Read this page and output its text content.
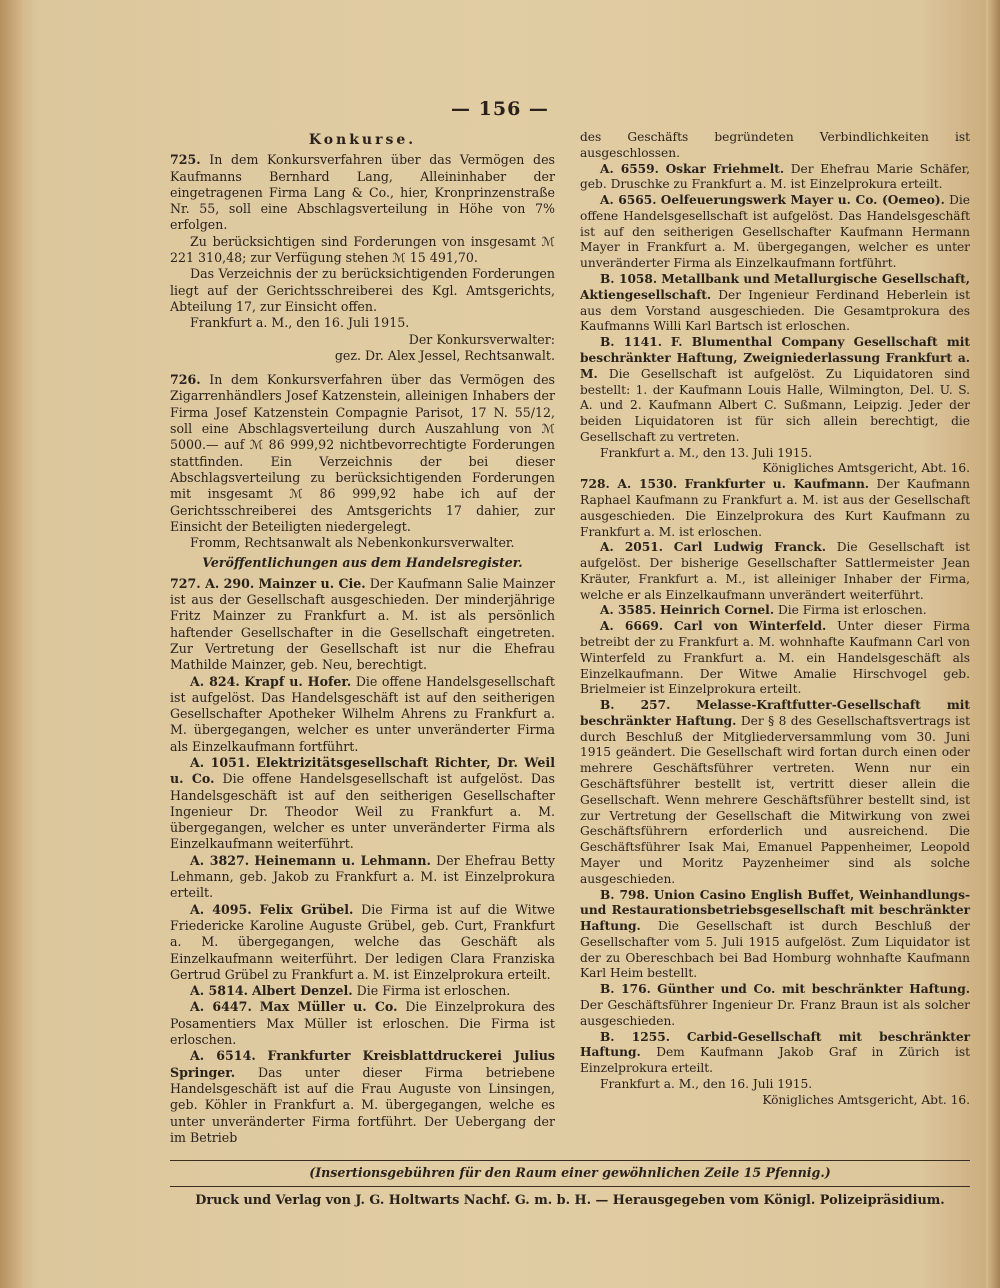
— 156 —
Konkurse.

725. In dem Konkursverfahren über das Vermögen des Kaufmanns Bernhard Lang, Alleininhaber der eingetragenen Firma Lang & Co., hier, Kronprinzenstraße Nr. 55, soll eine Abschlagsverteilung in Höhe von 7% erfolgen.

Zu berücksichtigen sind Forderungen von insgesamt ℳ 221 310,48; zur Verfügung stehen ℳ 15 491,70.

Das Verzeichnis der zu berücksichtigenden Forderungen liegt auf der Gerichtsschreiberei des Kgl. Amtsgerichts, Abteilung 17, zur Einsicht offen.

Frankfurt a. M., den 16. Juli 1915.

Der Konkursverwalter:

gez. Dr. Alex Jessel, Rechtsanwalt.

726. In dem Konkursverfahren über das Vermögen des Zigarrenhändlers Josef Katzenstein, alleinigen Inhabers der Firma Josef Katzenstein Compagnie Parisot, 17 N. 55/12, soll eine Abschlagsverteilung durch Auszahlung von ℳ 5000.— auf ℳ 86 999,92 nichtbevorrechtigte Forderungen stattfinden. Ein Verzeichnis der bei dieser Abschlagsverteilung zu berücksichtigenden Forderungen mit insgesamt ℳ 86 999,92 habe ich auf der Gerichtsschreiberei des Amtsgerichts 17 dahier, zur Einsicht der Beteiligten niedergelegt.

Fromm, Rechtsanwalt als Nebenkonkursverwalter.

Veröffentlichungen aus dem Handelsregister.

727. A. 290. Mainzer u. Cie. Der Kaufmann Salie Mainzer ist aus der Gesellschaft ausgeschieden. Der minderjährige Fritz Mainzer zu Frankfurt a. M. ist als persönlich haftender Gesellschafter in die Gesellschaft eingetreten. Zur Vertretung der Gesellschaft ist nur die Ehefrau Mathilde Mainzer, geb. Neu, berechtigt.

A. 824. Krapf u. Hofer. Die offene Handelsgesellschaft ist aufgelöst. Das Handelsgeschäft ist auf den seitherigen Gesellschafter Apotheker Wilhelm Ahrens zu Frankfurt a. M. übergegangen, welcher es unter unveränderter Firma als Einzelkaufmann fortführt.

A. 1051. Elektrizitätsgesellschaft Richter, Dr. Weil u. Co. Die offene Handelsgesellschaft ist aufgelöst. Das Handelsgeschäft ist auf den seitherigen Gesellschafter Ingenieur Dr. Theodor Weil zu Frankfurt a. M. übergegangen, welcher es unter unveränderter Firma als Einzelkaufmann weiterführt.

A. 3827. Heinemann u. Lehmann. Der Ehefrau Betty Lehmann, geb. Jakob zu Frankfurt a. M. ist Einzelprokura erteilt.

A. 4095. Felix Grübel. Die Firma ist auf die Witwe Friedericke Karoline Auguste Grübel, geb. Curt, Frankfurt a. M. übergegangen, welche das Geschäft als Einzelkaufmann weiterführt. Der ledigen Clara Franziska Gertrud Grübel zu Frankfurt a. M. ist Einzelprokura erteilt.

A. 5814. Albert Denzel. Die Firma ist erloschen.

A. 6447. Max Müller u. Co. Die Einzelprokura des Posamentiers Max Müller ist erloschen. Die Firma ist erloschen.

A. 6514. Frankfurter Kreisblattdruckerei Julius Springer. Das unter dieser Firma betriebene Handelsgeschäft ist auf die Frau Auguste von Linsingen, geb. Köhler in Frankfurt a. M. übergegangen, welche es unter unveränderter Firma fortführt. Der Uebergang der im Betrieb

des Geschäfts begründeten Verbindlichkeiten ist ausgeschlossen.

A. 6559. Oskar Friehmelt. Der Ehefrau Marie Schäfer, geb. Druschke zu Frankfurt a. M. ist Einzelprokura erteilt.

A. 6565. Oelfeuerungswerk Mayer u. Co. (Oemeo). Die offene Handelsgesellschaft ist aufgelöst. Das Handelsgeschäft ist auf den seitherigen Gesellschafter Kaufmann Hermann Mayer in Frankfurt a. M. übergegangen, welcher es unter unveränderter Firma als Einzelkaufmann fortführt.

B. 1058. Metallbank und Metallurgische Gesellschaft, Aktiengesellschaft. Der Ingenieur Ferdinand Heberlein ist aus dem Vorstand ausgeschieden. Die Gesamtprokura des Kaufmanns Willi Karl Bartsch ist erloschen.

B. 1141. F. Blumenthal Company Gesellschaft mit beschränkter Haftung, Zweigniederlassung Frankfurt a. M. Die Gesellschaft ist aufgelöst. Zu Liquidatoren sind bestellt: 1. der Kaufmann Louis Halle, Wilmington, Del. U. S. A. und 2. Kaufmann Albert C. Sußmann, Leipzig. Jeder der beiden Liquidatoren ist für sich allein berechtigt, die Gesellschaft zu vertreten.

Frankfurt a. M., den 13. Juli 1915.

Königliches Amtsgericht, Abt. 16.

728. A. 1530. Frankfurter u. Kaufmann. Der Kaufmann Raphael Kaufmann zu Frankfurt a. M. ist aus der Gesellschaft ausgeschieden. Die Einzelprokura des Kurt Kaufmann zu Frankfurt a. M. ist erloschen.

A. 2051. Carl Ludwig Franck. Die Gesellschaft ist aufgelöst. Der bisherige Gesellschafter Sattlermeister Jean Kräuter, Frankfurt a. M., ist alleiniger Inhaber der Firma, welche er als Einzelkaufmann unverändert weiterführt.

A. 3585. Heinrich Cornel. Die Firma ist erloschen.

A. 6669. Carl von Winterfeld. Unter dieser Firma betreibt der zu Frankfurt a. M. wohnhafte Kaufmann Carl von Winterfeld zu Frankfurt a. M. ein Handelsgeschäft als Einzelkaufmann. Der Witwe Amalie Hirschvogel geb. Brielmeier ist Einzelprokura erteilt.

B. 257. Melasse-Kraftfutter-Gesellschaft mit beschränkter Haftung. Der § 8 des Gesellschaftsvertrags ist durch Beschluß der Mitgliederversammlung vom 30. Juni 1915 geändert. Die Gesellschaft wird fortan durch einen oder mehrere Geschäftsführer vertreten. Wenn nur ein Geschäftsführer bestellt ist, vertritt dieser allein die Gesellschaft. Wenn mehrere Geschäftsführer bestellt sind, ist zur Vertretung der Gesellschaft die Mitwirkung von zwei Geschäftsführern erforderlich und ausreichend. Die Geschäftsführer Isak Mai, Emanuel Pappenheimer, Leopold Mayer und Moritz Payzenheimer sind als solche ausgeschieden.

B. 798. Union Casino English Buffet, Weinhandlungs- und Restaurationsbetriebsgesellschaft mit beschränkter Haftung. Die Gesellschaft ist durch Beschluß der Gesellschafter vom 5. Juli 1915 aufgelöst. Zum Liquidator ist der zu Obereschbach bei Bad Homburg wohnhafte Kaufmann Karl Heim bestellt.

B. 176. Günther und Co. mit beschränkter Haftung. Der Geschäftsführer Ingenieur Dr. Franz Braun ist als solcher ausgeschieden.

B. 1255. Carbid-Gesellschaft mit beschränkter Haftung. Dem Kaufmann Jakob Graf in Zürich ist Einzelprokura erteilt.

Frankfurt a. M., den 16. Juli 1915.

Königliches Amtsgericht, Abt. 16.

(Insertionsgebühren für den Raum einer gewöhnlichen Zeile 15 Pfennig.)
Druck und Verlag von J. G. Holtwarts Nachf. G. m. b. H. — Herausgegeben vom Königl. Polizeipräsidium.
